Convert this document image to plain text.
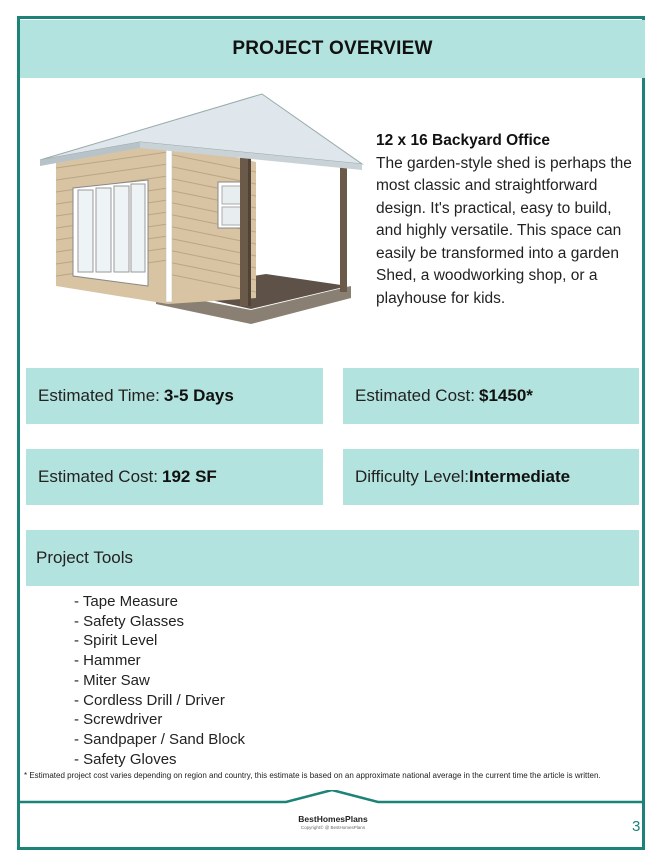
PROJECT OVERVIEW
12 x 16 Backyard Office
The garden-style shed is perhaps the most classic and straightforward design. It's practical, easy to build, and highly versatile. This space can easily be transformed into a garden Shed, a woodworking shop, or a playhouse for kids.
Estimated Time: 3-5 Days	Estimated Cost: $1450*
Estimated Cost: 192 SF	Difficulty Level: Intermediate
Project Tools
- Tape Measure
- Safety Glasses
- Spirit Level
- Hammer
- Miter Saw
- Cordless Drill / Driver
- Screwdriver
- Sandpaper / Sand Block
- Safety Gloves
* Estimated project cost varies depending on region and country, this estimate is based on an approximate national average in the current time the article is written.
BestHomesPlans
Copyright© @ BestHomesPlans	3
